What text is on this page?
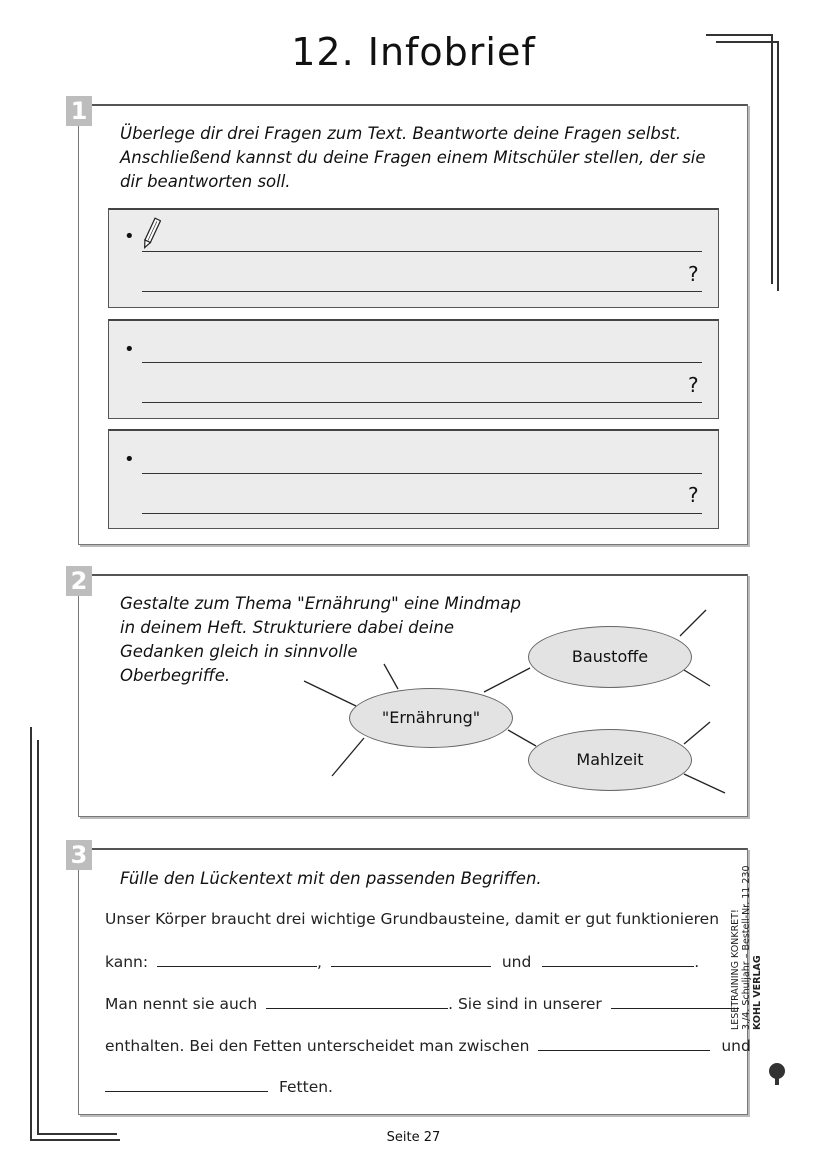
12. Infobrief
1
Überlege dir drei Fragen zum Text. Beantworte deine Fragen selbst.
Anschließend kannst du deine Fragen einem Mitschüler stellen, der sie
dir beantworten soll.
•
?
•
?
•
?
2
Gestalte zum Thema "Ernährung" eine Mindmap
in deinem Heft. Strukturiere dabei deine
Gedanken gleich in sinnvolle
Oberbegriffe.
"Ernährung"
Baustoffe
Mahlzeit
3
Fülle den Lückentext mit den passenden Begriffen.
Unser Körper braucht drei wichtige Grundbausteine, damit er gut funktionieren
kann:	,	und	.
Man nennt sie auch	. Sie sind in unserer
enthalten. Bei den Fetten unterscheidet man zwischen	und
Fetten.
LESETRAINING KONKRET! 3./4. Schuljahr – Bestell-Nr. 11 230
KOHL VERLAG
Seite 27
